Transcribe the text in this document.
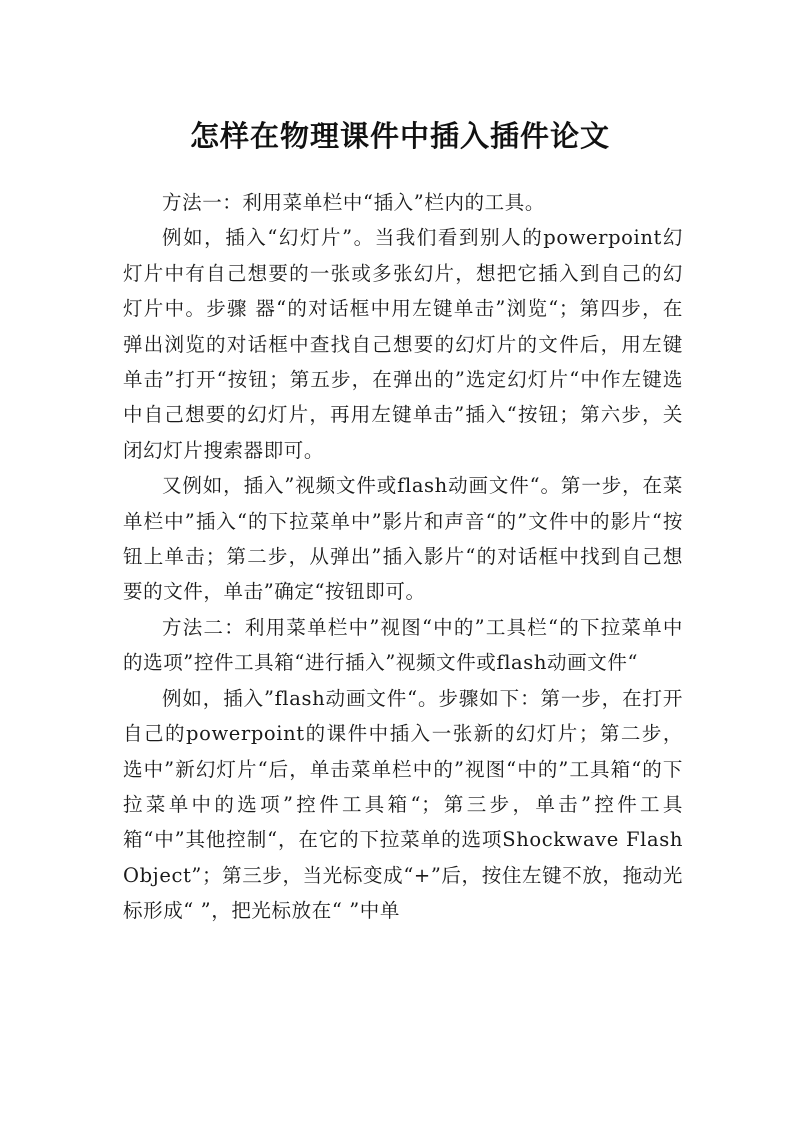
怎样在物理课件中插入插件论文

方法一：利用菜单栏中“插入”栏内的工具。

例如，插入“幻灯片”。当我们看到别人的powerpoint幻灯片中有自己想要的一张或多张幻片，想把它插入到自己的幻灯片中。步骤 器“的对话框中用左键单击”浏览“；第四步，在弹出浏览的对话框中查找自己想要的幻灯片的文件后，用左键单击”打开“按钮；第五步，在弹出的”选定幻灯片“中作左键选中自己想要的幻灯片，再用左键单击”插入“按钮；第六步，关闭幻灯片搜索器即可。

又例如，插入”视频文件或flash动画文件“。第一步，在菜单栏中”插入“的下拉菜单中”影片和声音“的”文件中的影片“按钮上单击；第二步，从弹出”插入影片“的对话框中找到自己想要的文件，单击”确定“按钮即可。

方法二：利用菜单栏中”视图“中的”工具栏“的下拉菜单中的选项”控件工具箱“进行插入”视频文件或flash动画文件“

例如，插入”flash动画文件“。步骤如下：第一步，在打开自己的powerpoint的课件中插入一张新的幻灯片；第二步，选中”新幻灯片“后，单击菜单栏中的”视图“中的”工具箱“的下拉菜单中的选项”控件工具箱“；第三步，单击”控件工具箱“中”其他控制“，在它的下拉菜单的选项Shockwave Flash Object”；第三步，当光标变成“+”后，按住左键不放，拖动光标形成“ ”，把光标放在“ ”中单
